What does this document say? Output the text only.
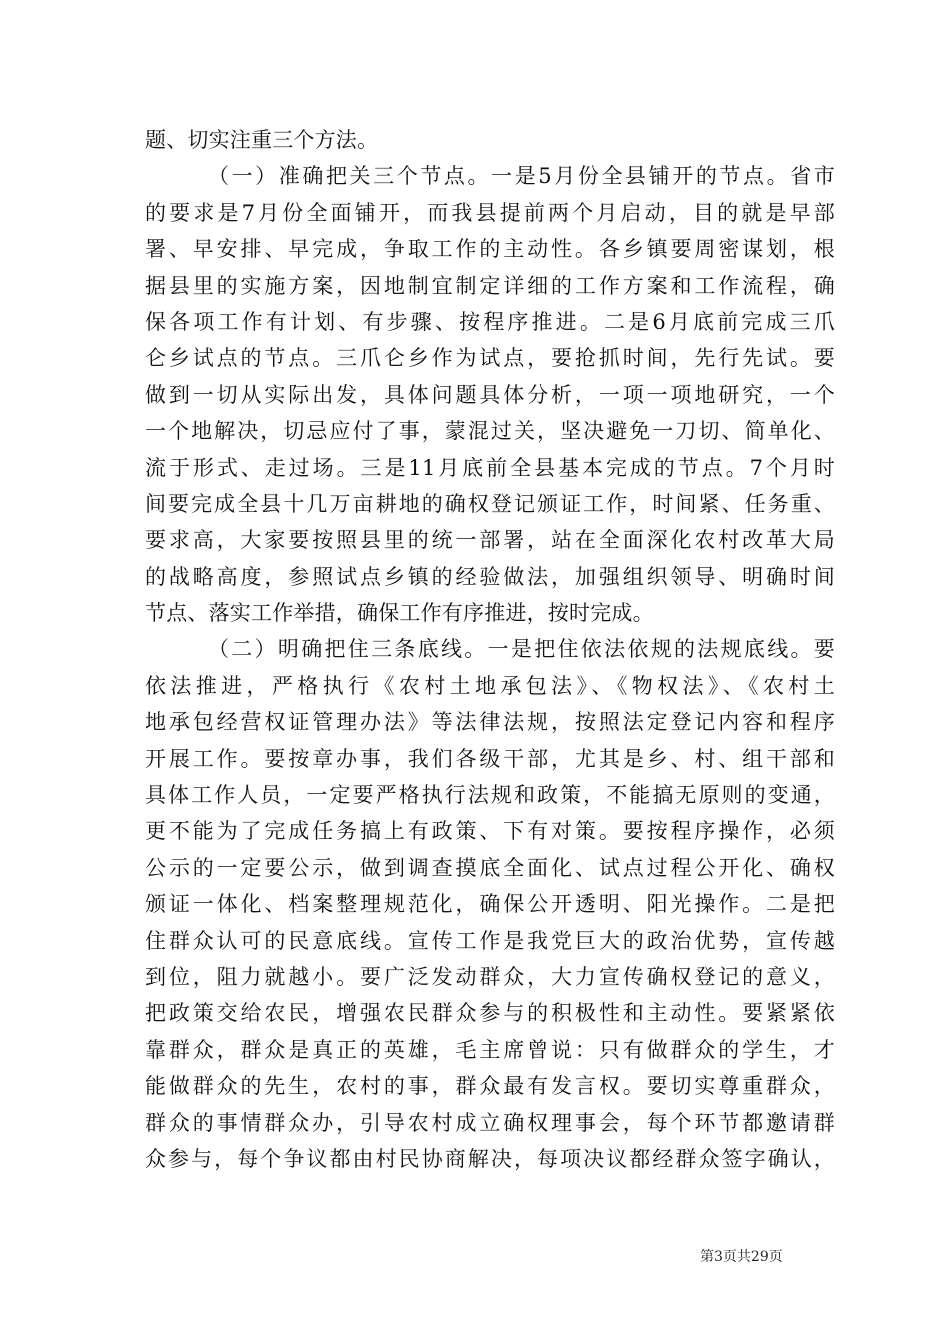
题、切实注重三个方法。
（一）准确把关三个节点。一是5月份全县铺开的节点。省市
的要求是7月份全面铺开，而我县提前两个月启动，目的就是早部
署、早安排、早完成，争取工作的主动性。各乡镇要周密谋划，根
据县里的实施方案，因地制宜制定详细的工作方案和工作流程，确
保各项工作有计划、有步骤、按程序推进。二是6月底前完成三爪
仑乡试点的节点。三爪仑乡作为试点，要抢抓时间，先行先试。要
做到一切从实际出发，具体问题具体分析，一项一项地研究，一个
一个地解决，切忌应付了事，蒙混过关，坚决避免一刀切、简单化、
流于形式、走过场。三是11月底前全县基本完成的节点。7个月时
间要完成全县十几万亩耕地的确权登记颁证工作，时间紧、任务重、
要求高，大家要按照县里的统一部署，站在全面深化农村改革大局
的战略高度，参照试点乡镇的经验做法，加强组织领导、明确时间
节点、落实工作举措，确保工作有序推进，按时完成。
（二）明确把住三条底线。一是把住依法依规的法规底线。要
依法推进，严格执行《农村土地承包法》、《物权法》、《农村土
地承包经营权证管理办法》等法律法规，按照法定登记内容和程序
开展工作。要按章办事，我们各级干部，尤其是乡、村、组干部和
具体工作人员，一定要严格执行法规和政策，不能搞无原则的变通，
更不能为了完成任务搞上有政策、下有对策。要按程序操作，必须
公示的一定要公示，做到调查摸底全面化、试点过程公开化、确权
颁证一体化、档案整理规范化，确保公开透明、阳光操作。二是把
住群众认可的民意底线。宣传工作是我党巨大的政治优势，宣传越
到位，阻力就越小。要广泛发动群众，大力宣传确权登记的意义，
把政策交给农民，增强农民群众参与的积极性和主动性。要紧紧依
靠群众，群众是真正的英雄，毛主席曾说：只有做群众的学生，才
能做群众的先生，农村的事，群众最有发言权。要切实尊重群众，
群众的事情群众办，引导农村成立确权理事会，每个环节都邀请群
众参与，每个争议都由村民协商解决，每项决议都经群众签字确认，
第3页共29页
